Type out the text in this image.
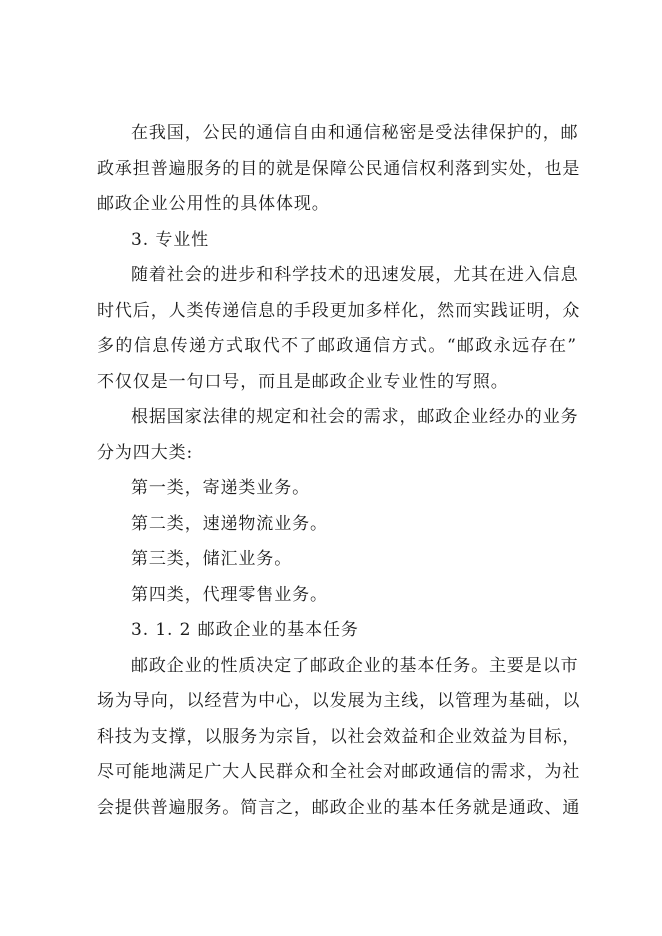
在我国，公民的通信自由和通信秘密是受法律保护的，邮
政承担普遍服务的目的就是保障公民通信权利落到实处，也是
邮政企业公用性的具体体现。
3. 专业性
随着社会的进步和科学技术的迅速发展，尤其在进入信息
时代后，人类传递信息的手段更加多样化，然而实践证明，众
多的信息传递方式取代不了邮政通信方式。“邮政永远存在”
不仅仅是一句口号，而且是邮政企业专业性的写照。
根据国家法律的规定和社会的需求，邮政企业经办的业务
分为四大类:
第一类，寄递类业务。
第二类，速递物流业务。
第三类，储汇业务。
第四类，代理零售业务。
3. 1. 2 邮政企业的基本任务
邮政企业的性质决定了邮政企业的基本任务。主要是以市
场为导向，以经营为中心，以发展为主线，以管理为基础，以
科技为支撑，以服务为宗旨，以社会效益和企业效益为目标，
尽可能地满足广大人民群众和全社会对邮政通信的需求，为社
会提供普遍服务。简言之，邮政企业的基本任务就是通政、通
